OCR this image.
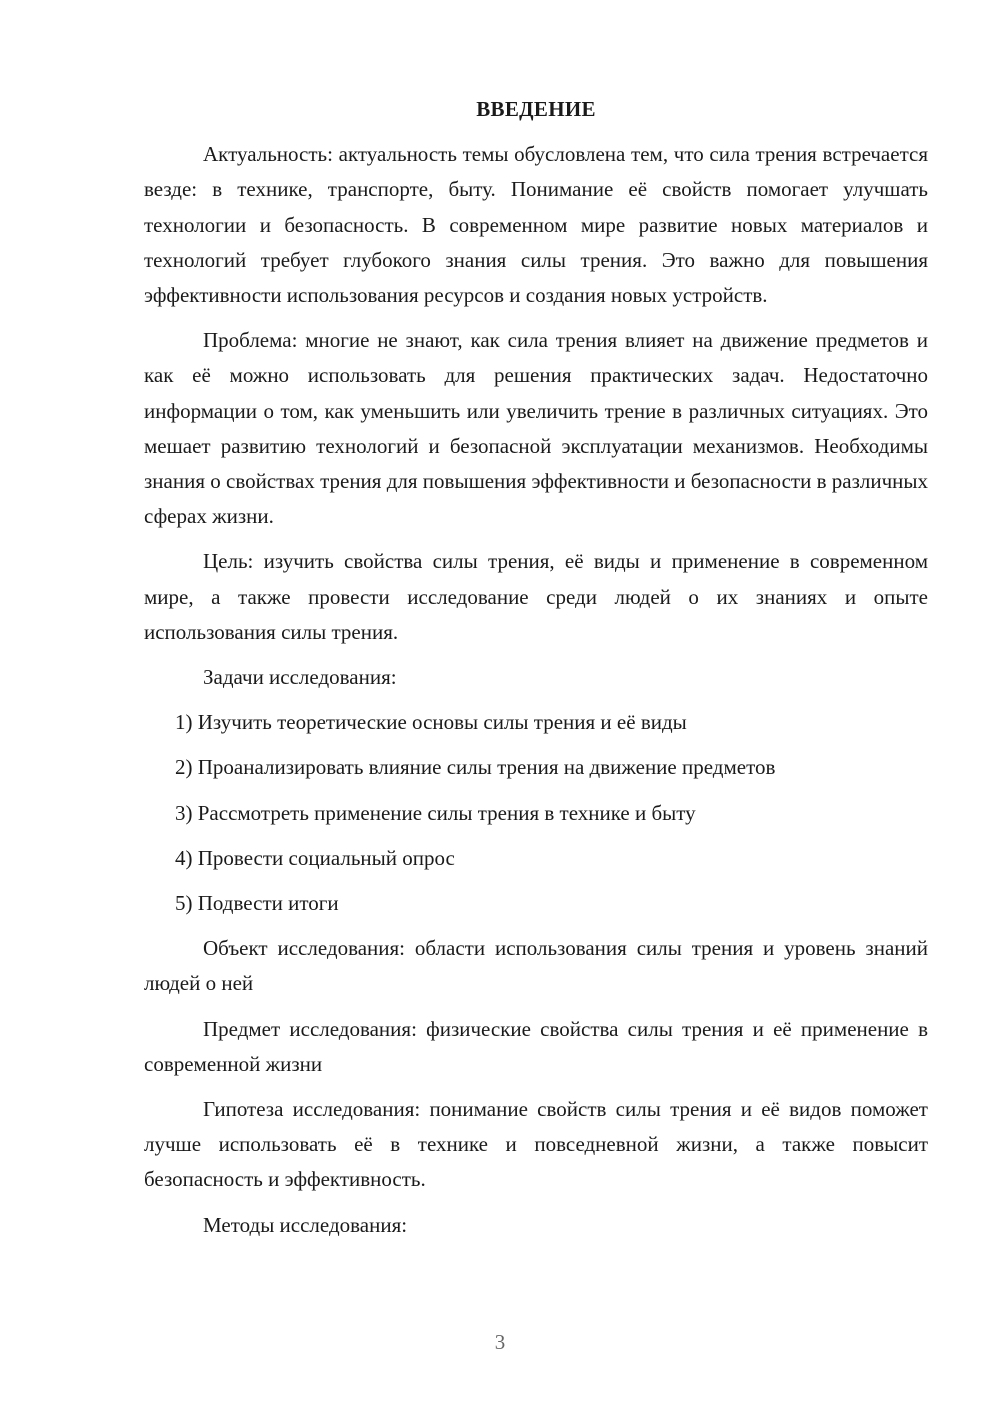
ВВЕДЕНИЕ

Актуальность: актуальность темы обусловлена тем, что сила трения встречается везде: в технике, транспорте, быту. Понимание её свойств помогает улучшать технологии и безопасность. В современном мире развитие новых материалов и технологий требует глубокого знания силы трения. Это важно для повышения эффективности использования ресурсов и создания новых устройств.

Проблема: многие не знают, как сила трения влияет на движение предметов и как её можно использовать для решения практических задач. Недостаточно информации о том, как уменьшить или увеличить трение в различных ситуациях. Это мешает развитию технологий и безопасной эксплуатации механизмов. Необходимы знания о свойствах трения для повышения эффективности и безопасности в различных сферах жизни.

Цель: изучить свойства силы трения, её виды и применение в современном мире, а также провести исследование среди людей о их знаниях и опыте использования силы трения.

Задачи исследования:

1) Изучить теоретические основы силы трения и её виды
2) Проанализировать влияние силы трения на движение предметов
3) Рассмотреть применение силы трения в технике и быту
4) Провести социальный опрос
5) Подвести итоги

Объект исследования: области использования силы трения и уровень знаний людей о ней

Предмет исследования: физические свойства силы трения и её применение в современной жизни

Гипотеза исследования: понимание свойств силы трения и её видов поможет лучше использовать её в технике и повседневной жизни, а также повысит безопасность и эффективность.

Методы исследования:

3
